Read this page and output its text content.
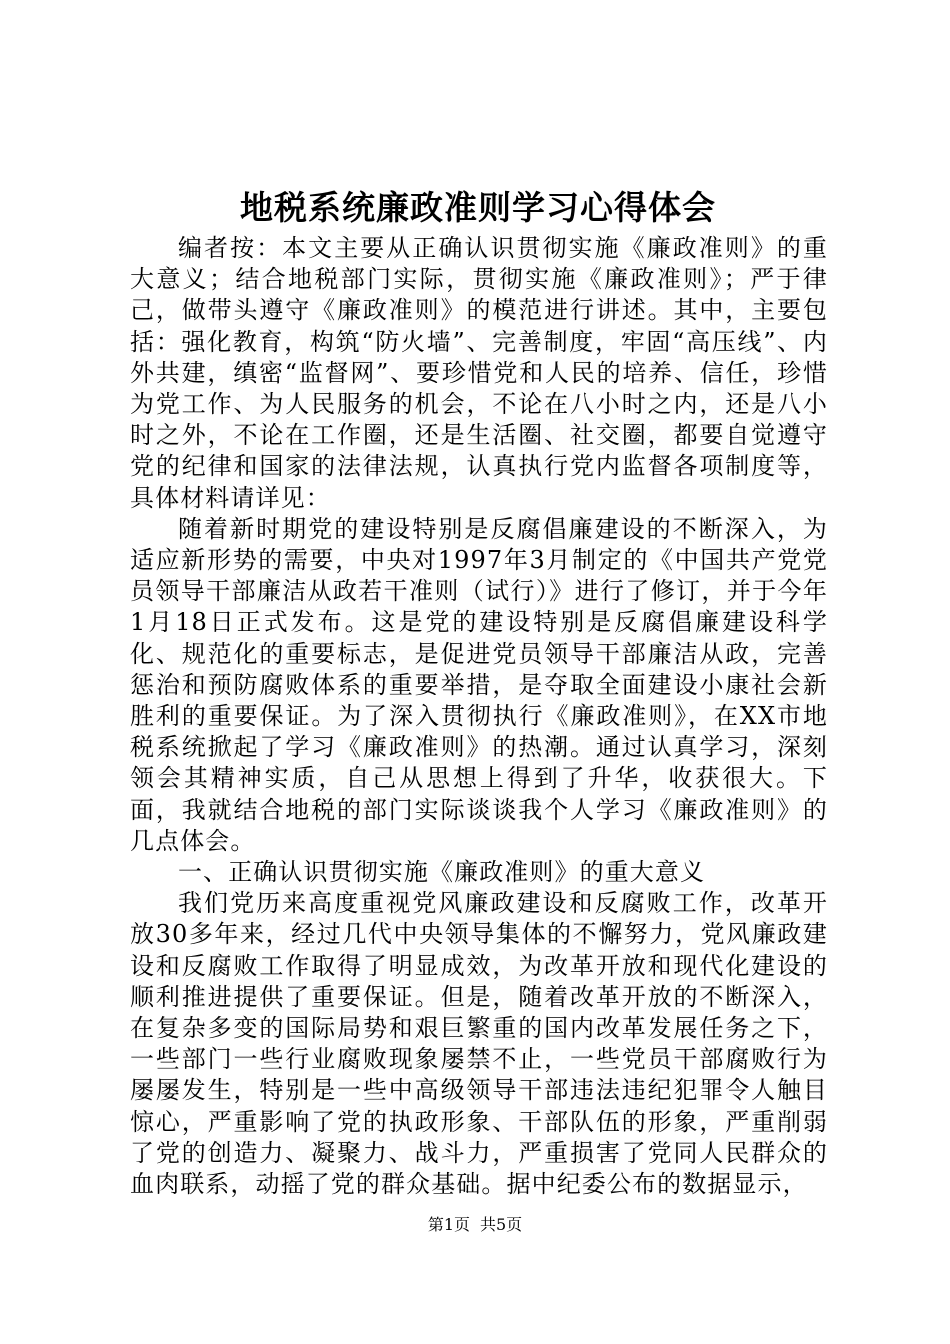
地税系统廉政准则学习心得体会

编者按：本文主要从正确认识贯彻实施《廉政准则》的重大意义；结合地税部门实际，贯彻实施《廉政准则》；严于律己，做带头遵守《廉政准则》的模范进行讲述。其中，主要包括：强化教育，构筑“防火墙”、完善制度，牢固“高压线”、内外共建，缜密“监督网”、要珍惜党和人民的培养、信任，珍惜为党工作、为人民服务的机会，不论在八小时之内，还是八小时之外，不论在工作圈，还是生活圈、社交圈，都要自觉遵守党的纪律和国家的法律法规，认真执行党内监督各项制度等，具体材料请详见：

随着新时期党的建设特别是反腐倡廉建设的不断深入，为适应新形势的需要，中央对1997年3月制定的《中国共产党党员领导干部廉洁从政若干准则（试行）》进行了修订，并于今年1月18日正式发布。这是党的建设特别是反腐倡廉建设科学化、规范化的重要标志，是促进党员领导干部廉洁从政，完善惩治和预防腐败体系的重要举措，是夺取全面建设小康社会新胜利的重要保证。为了深入贯彻执行《廉政准则》，在XX市地税系统掀起了学习《廉政准则》的热潮。通过认真学习，深刻领会其精神实质，自己从思想上得到了升华，收获很大。下面，我就结合地税的部门实际谈谈我个人学习《廉政准则》的几点体会。

一、正确认识贯彻实施《廉政准则》的重大意义

我们党历来高度重视党风廉政建设和反腐败工作，改革开放30多年来，经过几代中央领导集体的不懈努力，党风廉政建设和反腐败工作取得了明显成效，为改革开放和现代化建设的顺利推进提供了重要保证。但是，随着改革开放的不断深入，在复杂多变的国际局势和艰巨繁重的国内改革发展任务之下，一些部门一些行业腐败现象屡禁不止，一些党员干部腐败行为屡屡发生，特别是一些中高级领导干部违法违纪犯罪令人触目惊心，严重影响了党的执政形象、干部队伍的形象，严重削弱了党的创造力、凝聚力、战斗力，严重损害了党同人民群众的血肉联系，动摇了党的群众基础。据中纪委公布的数据显示，

第1页 共5页
